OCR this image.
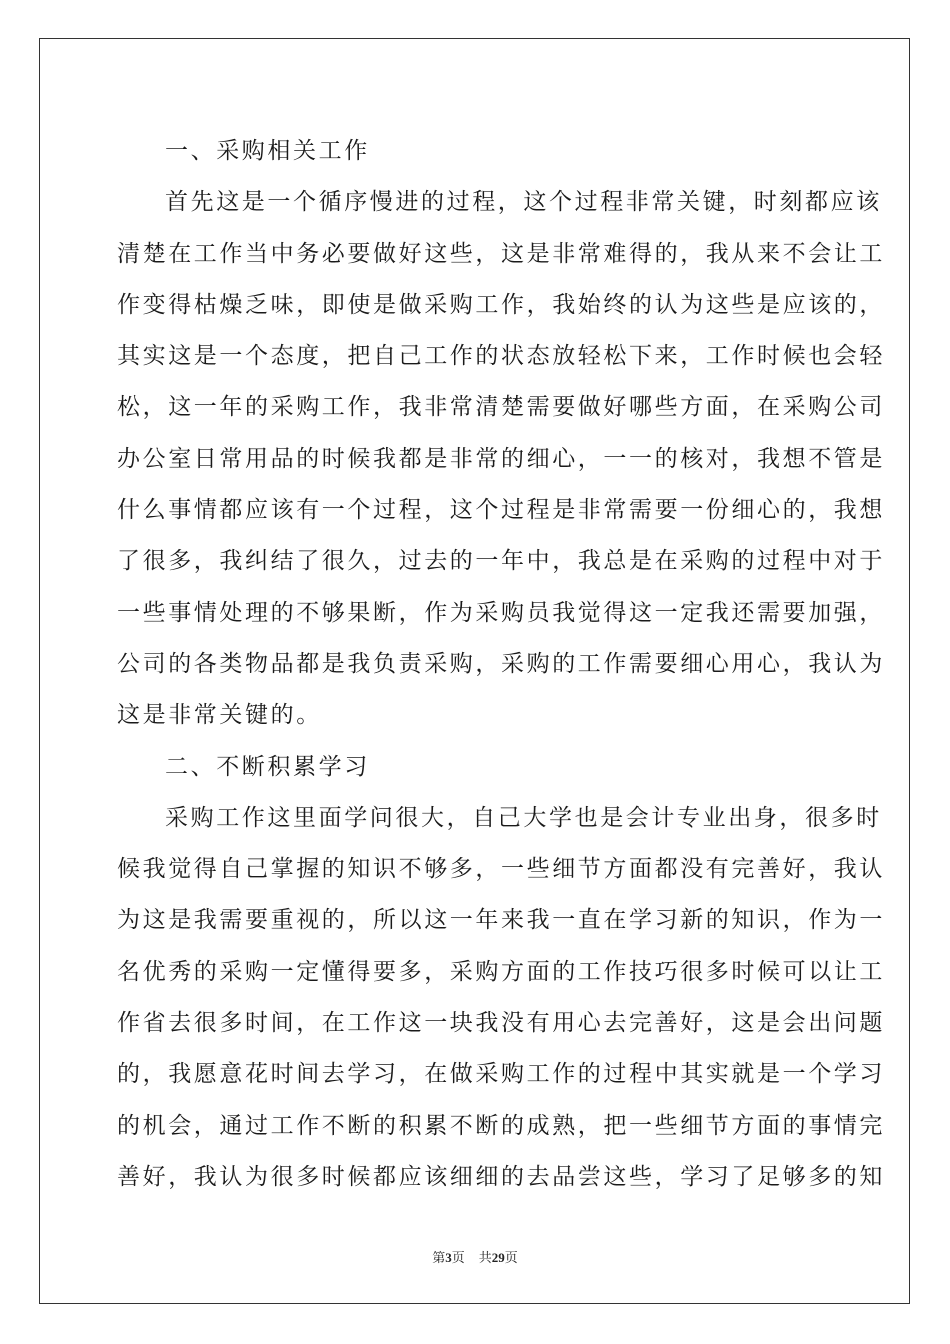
一、采购相关工作
首先这是一个循序慢进的过程，这个过程非常关键，时刻都应该
清楚在工作当中务必要做好这些，这是非常难得的，我从来不会让工
作变得枯燥乏味，即使是做采购工作，我始终的认为这些是应该的，
其实这是一个态度，把自己工作的状态放轻松下来，工作时候也会轻
松，这一年的采购工作，我非常清楚需要做好哪些方面，在采购公司
办公室日常用品的时候我都是非常的细心，一一的核对，我想不管是
什么事情都应该有一个过程，这个过程是非常需要一份细心的，我想
了很多，我纠结了很久，过去的一年中，我总是在采购的过程中对于
一些事情处理的不够果断，作为采购员我觉得这一定我还需要加强，
公司的各类物品都是我负责采购，采购的工作需要细心用心，我认为
这是非常关键的。
二、不断积累学习
采购工作这里面学问很大，自己大学也是会计专业出身，很多时
候我觉得自己掌握的知识不够多，一些细节方面都没有完善好，我认
为这是我需要重视的，所以这一年来我一直在学习新的知识，作为一
名优秀的采购一定懂得要多，采购方面的工作技巧很多时候可以让工
作省去很多时间，在工作这一块我没有用心去完善好，这是会出问题
的，我愿意花时间去学习，在做采购工作的过程中其实就是一个学习
的机会，通过工作不断的积累不断的成熟，把一些细节方面的事情完
善好，我认为很多时候都应该细细的去品尝这些，学习了足够多的知
第3页 共29页
